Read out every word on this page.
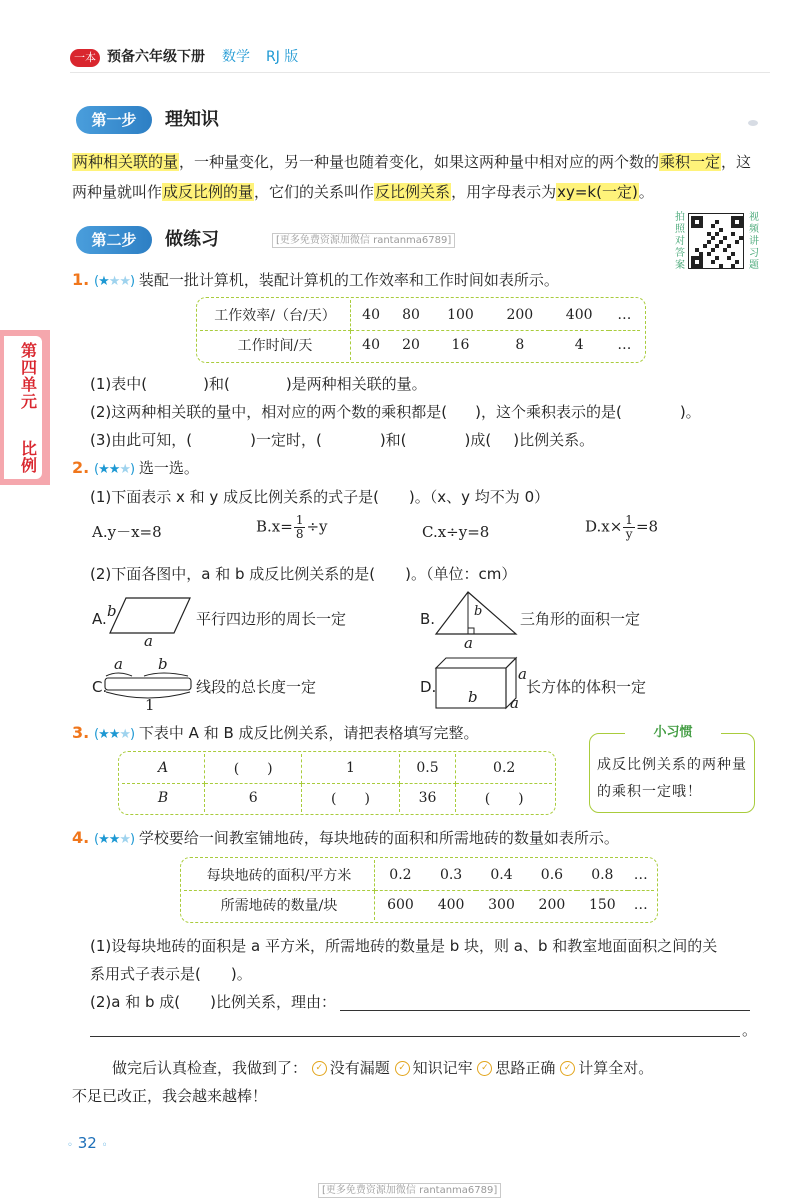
一本 预备六年级下册 数学 RJ 版
第一步	理知识
两种相关联的量，一种量变化，另一种量也随着变化，如果这两种量中相对应的两个数的乘积一定，这两种量就叫作成反比例的量，它们的关系叫作反比例关系，用字母表示为xy=k(一定)。
第二步	做练习	[更多免费资源加微信 rantanma6789]
拍照对答案
视频讲习题
第四单元
比例
1. (★★★) 装配一批计算机，装配计算机的工作效率和工作时间如表所示。
工作效率/（台/天）	40	80	100	200	400	…
工作时间/天	40	20	16	8	4	…
(1)表中(	)和(	)是两种相关联的量。
(2)这两种相关联的量中，相对应的两个数的乘积都是( )，这个乘积表示的是(	)。
(3)由此可知，(	)一定时，(	)和(	)成( )比例关系。
2. (★★★) 选一选。
(1)下面表示 x 和 y 成反比例关系的式子是(　　)。（x、y 均不为 0）
A.y－x=8	$B.x= \frac{1}{8} \div y$	C.x÷y=8	$D.x\times \frac{1}{y} =8$
(2)下面各图中，a 和 b 成反比例关系的是(　　)。（单位：cm）
A. b
a
平行四边形的周长一定	B.	b
a
三角形的面积一定
C.
a b
1
线段的总长度一定	D.
a
b a
长方体的体积一定
3. (★★★) 下表中 A 和 B 成反比例关系，请把表格填写完整。
A	(　　)	1	0.5	0.2
B	6	(　　)	36	(　　)
小习惯
成反比例关系的两种量的乘积一定哦！
4. (★★★) 学校要给一间教室铺地砖，每块地砖的面积和所需地砖的数量如表所示。
每块地砖的面积/平方米	0.2	0.3	0.4	0.6	0.8	…
所需地砖的数量/块	600	400	300	200	150	…
(1)设每块地砖的面积是 a 平方米，所需地砖的数量是 b 块，则 a、b 和教室地面面积之间的关
系用式子表示是(　　)。
(2)a 和 b 成(　　)比例关系，理由：
。
做完后认真检查，我做到了： ✓ 没有漏题 ✓ 知识记牢 ✓ 思路正确 ✓ 计算全对。
不足已改正，我会越来越棒！
◦ 32 ◦
[更多免费资源加微信 rantanma6789]
